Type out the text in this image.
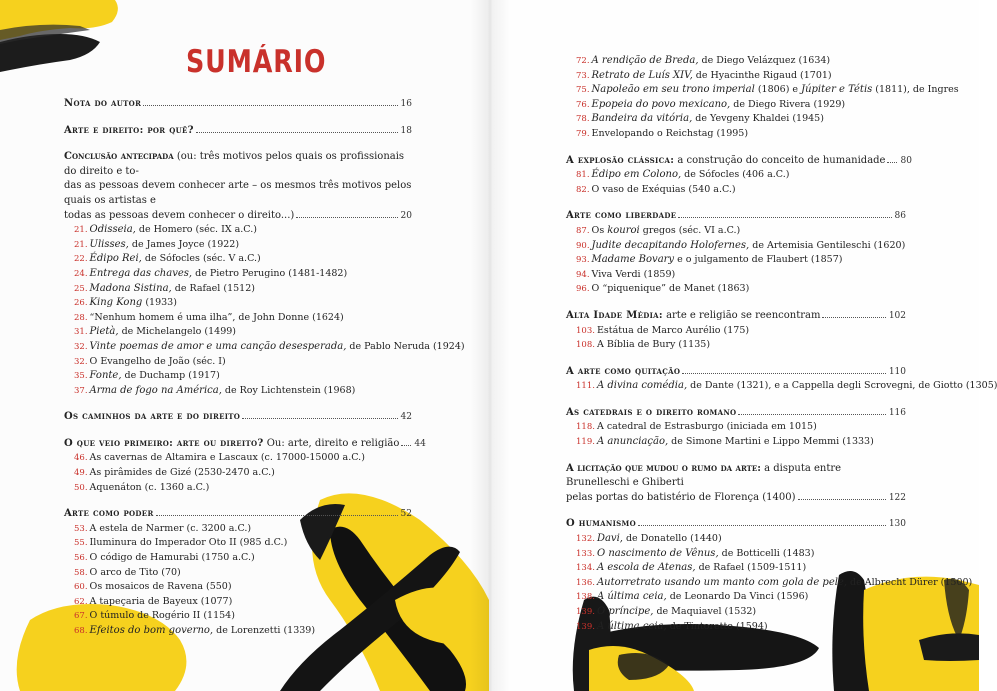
SUMÁRIO
Nota do autor	16
Arte e direito: por quê?	18
Conclusão antecipada (ou: três motivos pelos quais os profissionais do direito e to-
das as pessoas devem conhecer arte – os mesmos três motivos pelos quais os artistas e
todas as pessoas devem conhecer o direito...)	20
21. Odisseia, de Homero (séc. IX a.C.)
21. Ulisses, de James Joyce (1922)
22. Édipo Rei, de Sófocles (séc. V a.C.)
24. Entrega das chaves, de Pietro Perugino (1481-1482)
25. Madona Sistina, de Rafael (1512)
26. King Kong (1933)
28. “Nenhum homem é uma ilha”, de John Donne (1624)
31. Pietà, de Michelangelo (1499)
32. Vinte poemas de amor e uma canção desesperada, de Pablo Neruda (1924)
32. O Evangelho de João (séc. I)
35. Fonte, de Duchamp (1917)
37. Arma de fogo na América, de Roy Lichtenstein (1968)
Os caminhos da arte e do direito	42
O que veio primeiro: arte ou direito? Ou: arte, direito e religião 44
46. As cavernas de Altamira e Lascaux (c. 17000-15000 a.C.)
49. As pirâmides de Gizé (2530-2470 a.C.)
50. Aquenáton (c. 1360 a.C.)
Arte como poder	52
53. A estela de Narmer (c. 3200 a.C.)
55. Iluminura do Imperador Oto II (985 d.C.)
56. O código de Hamurabi (1750 a.C.)
58. O arco de Tito (70)
60. Os mosaicos de Ravena (550)
62. A tapeçaria de Bayeux (1077)
67. O túmulo de Rogério II (1154)
68. Efeitos do bom governo, de Lorenzetti (1339)
72. A rendição de Breda, de Diego Velázquez (1634)
73. Retrato de Luís XIV, de Hyacinthe Rigaud (1701)
75. Napoleão em seu trono imperial (1806) e Júpiter e Tétis (1811), de Ingres
76. Epopeia do povo mexicano, de Diego Rivera (1929)
78. Bandeira da vitória, de Yevgeny Khaldei (1945)
79. Envelopando o Reichstag (1995)
A explosão clássica: a construção do conceito de humanidade 80
81. Édipo em Colono, de Sófocles (406 a.C.)
82. O vaso de Exéquias (540 a.C.)
Arte como liberdade	86
87. Os kouroi gregos (séc. VI a.C.)
90. Judite decapitando Holofernes, de Artemisia Gentileschi (1620)
93. Madame Bovary e o julgamento de Flaubert (1857)
94. Viva Verdi (1859)
96. O “piquenique” de Manet (1863)
Alta Idade Média: arte e religião se reencontram	102
103. Estátua de Marco Aurélio (175)
108. A Bíblia de Bury (1135)
A arte como quitação	110
111. A divina comédia, de Dante (1321), e a Cappella degli Scrovegni, de Giotto (1305)
As catedrais e o direito romano	116
118. A catedral de Estrasburgo (iniciada em 1015)
119. A anunciação, de Simone Martini e Lippo Memmi (1333)
A licitação que mudou o rumo da arte: a disputa entre Brunelleschi e Ghiberti
pelas portas do batistério de Florença (1400)	122
O humanismo	130
132. Davi, de Donatello (1440)
133. O nascimento de Vênus, de Botticelli (1483)
134. A escola de Atenas, de Rafael (1509-1511)
136. Autorretrato usando um manto com gola de pele, de Albrecht Dürer (1500)
138. A última ceia, de Leonardo Da Vinci (1596)
139. O príncipe, de Maquiavel (1532)
139. A última ceia, de Tintoretto (1594)
